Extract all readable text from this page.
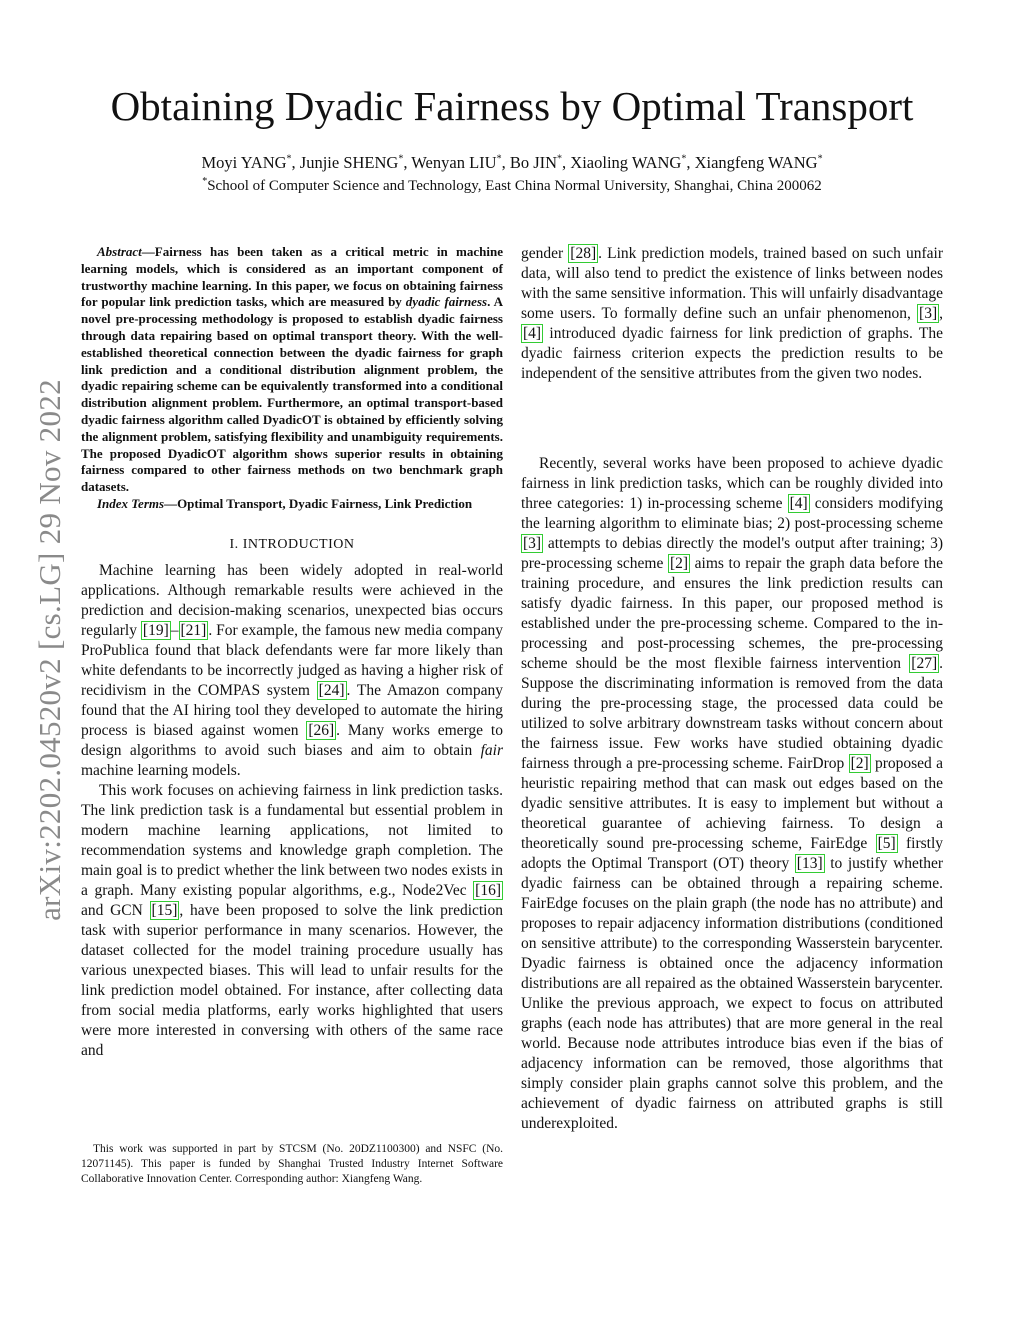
arXiv:2202.04520v2 [cs.LG] 29 Nov 2022
Obtaining Dyadic Fairness by Optimal Transport
Moyi YANG*, Junjie SHENG*, Wenyan LIU*, Bo JIN*, Xiaoling WANG*, Xiangfeng WANG*
*School of Computer Science and Technology, East China Normal University, Shanghai, China 200062

Abstract—Fairness has been taken as a critical metric in machine learning models, which is considered as an important component of trustworthy machine learning. In this paper, we focus on obtaining fairness for popular link prediction tasks, which are measured by dyadic fairness. A novel pre-processing methodology is proposed to establish dyadic fairness through data repairing based on optimal transport theory. With the well-established theoretical connection between the dyadic fairness for graph link prediction and a conditional distribution alignment problem, the dyadic repairing scheme can be equivalently transformed into a conditional distribution alignment problem. Furthermore, an optimal transport-based dyadic fairness algorithm called DyadicOT is obtained by efficiently solving the alignment problem, satisfying flexibility and unambiguity requirements. The proposed DyadicOT algorithm shows superior results in obtaining fairness compared to other fairness methods on two benchmark graph datasets.

Index Terms—Optimal Transport, Dyadic Fairness, Link Prediction

I. INTRODUCTION

Machine learning has been widely adopted in real-world applications. Although remarkable results were achieved in the prediction and decision-making scenarios, unexpected bias occurs regularly [19] – [21] . For example, the famous new media company ProPublica found that black defendants were far more likely than white defendants to be incorrectly judged as having a higher risk of recidivism in the COMPAS system [24] . The Amazon company found that the AI hiring tool they developed to automate the hiring process is biased against women [26] . Many works emerge to design algorithms to avoid such biases and aim to obtain fair machine learning models.

This work focuses on achieving fairness in link prediction tasks. The link prediction task is a fundamental but essential problem in modern machine learning applications, not limited to recommendation systems and knowledge graph completion. The main goal is to predict whether the link between two nodes exists in a graph. Many existing popular algorithms, e.g., Node2Vec [16] and GCN [15] , have been proposed to solve the link prediction task with superior performance in many scenarios. However, the dataset collected for the model training procedure usually has various unexpected biases. This will lead to unfair results for the link prediction model obtained. For instance, after collecting data from social media platforms, early works highlighted that users were more interested in conversing with others of the same race and

This work was supported in part by STCSM (No. 20DZ1100300) and NSFC (No. 12071145). This paper is funded by Shanghai Trusted Industry Internet Software Collaborative Innovation Center. Corresponding author: Xiangfeng Wang.

gender [28] . Link prediction models, trained based on such unfair data, will also tend to predict the existence of links between nodes with the same sensitive information. This will unfairly disadvantage some users. To formally define such an unfair phenomenon, [3] , [4] introduced dyadic fairness for link prediction of graphs. The dyadic fairness criterion expects the prediction results to be independent of the sensitive attributes from the given two nodes.

Recently, several works have been proposed to achieve dyadic fairness in link prediction tasks, which can be roughly divided into three categories: 1) in-processing scheme [4] considers modifying the learning algorithm to eliminate bias; 2) post-processing scheme [3] attempts to debias directly the model's output after training; 3) pre-processing scheme [2] aims to repair the graph data before the training procedure, and ensures the link prediction results can satisfy dyadic fairness. In this paper, our proposed method is established under the pre-processing scheme. Compared to the in-processing and post-processing schemes, the pre-processing scheme should be the most flexible fairness intervention [27] . Suppose the discriminating information is removed from the data during the pre-processing stage, the processed data could be utilized to solve arbitrary downstream tasks without concern about the fairness issue. Few works have studied obtaining dyadic fairness through a pre-processing scheme. FairDrop [2] proposed a heuristic repairing method that can mask out edges based on the dyadic sensitive attributes. It is easy to implement but without a theoretical guarantee of achieving fairness. To design a theoretically sound pre-processing scheme, FairEdge [5] firstly adopts the Optimal Transport (OT) theory [13] to justify whether dyadic fairness can be obtained through a repairing scheme. FairEdge focuses on the plain graph (the node has no attribute) and proposes to repair adjacency information distributions (conditioned on sensitive attribute) to the corresponding Wasserstein barycenter. Dyadic fairness is obtained once the adjacency information distributions are all repaired as the obtained Wasserstein barycenter. Unlike the previous approach, we expect to focus on attributed graphs (each node has attributes) that are more general in the real world. Because node attributes introduce bias even if the bias of adjacency information can be removed, those algorithms that simply consider plain graphs cannot solve this problem, and the achievement of dyadic fairness on attributed graphs is still underexploited.
